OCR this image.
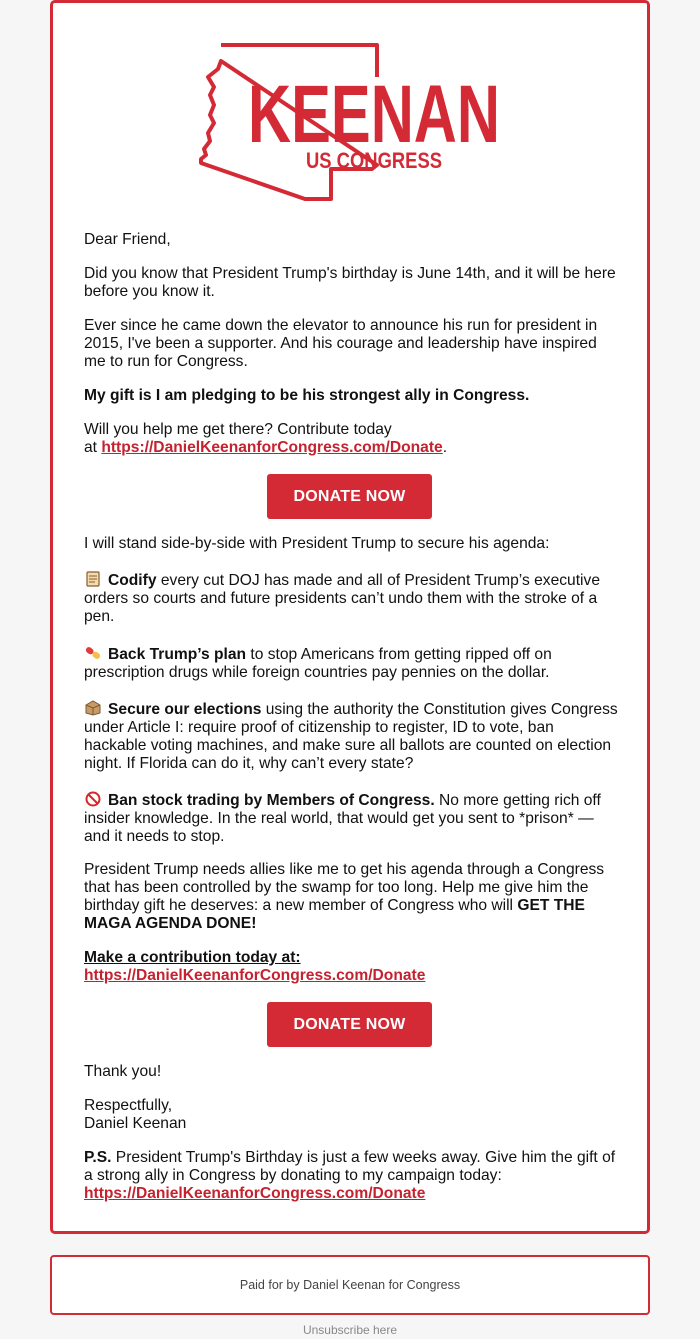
KEENAN
US CONGRESS

Dear Friend,

Did you know that President Trump's birthday is June 14th, and it will be here before you know it.

Ever since he came down the elevator to announce his run for president in 2015, I've been a supporter. And his courage and leadership have inspired me to run for Congress.

My gift is I am pledging to be his strongest ally in Congress.

Will you help me get there? Contribute today
at https://DanielKeenanforCongress.com/Donate.

DONATE NOW

I will stand side-by-side with President Trump to secure his agenda:

Codify every cut DOJ has made and all of President Trump’s executive orders so courts and future presidents can’t undo them with the stroke of a pen.

Back Trump’s plan to stop Americans from getting ripped off on prescription drugs while foreign countries pay pennies on the dollar.

Secure our elections using the authority the Constitution gives Congress under Article I: require proof of citizenship to register, ID to vote, ban hackable voting machines, and make sure all ballots are counted on election night. If Florida can do it, why can’t every state?

Ban stock trading by Members of Congress. No more getting rich off insider knowledge. In the real world, that would get you sent to *prison* — and it needs to stop.

President Trump needs allies like me to get his agenda through a Congress that has been controlled by the swamp for too long. Help me give him the birthday gift he deserves: a new member of Congress who will GET THE MAGA AGENDA DONE!

Make a contribution today at:
https://DanielKeenanforCongress.com/Donate

DONATE NOW

Thank you!

Respectfully,
Daniel Keenan

P.S. President Trump's Birthday is just a few weeks away. Give him the gift of a strong ally in Congress by donating to my campaign today: https://DanielKeenanforCongress.com/Donate

Paid for by Daniel Keenan for Congress
Unsubscribe here
